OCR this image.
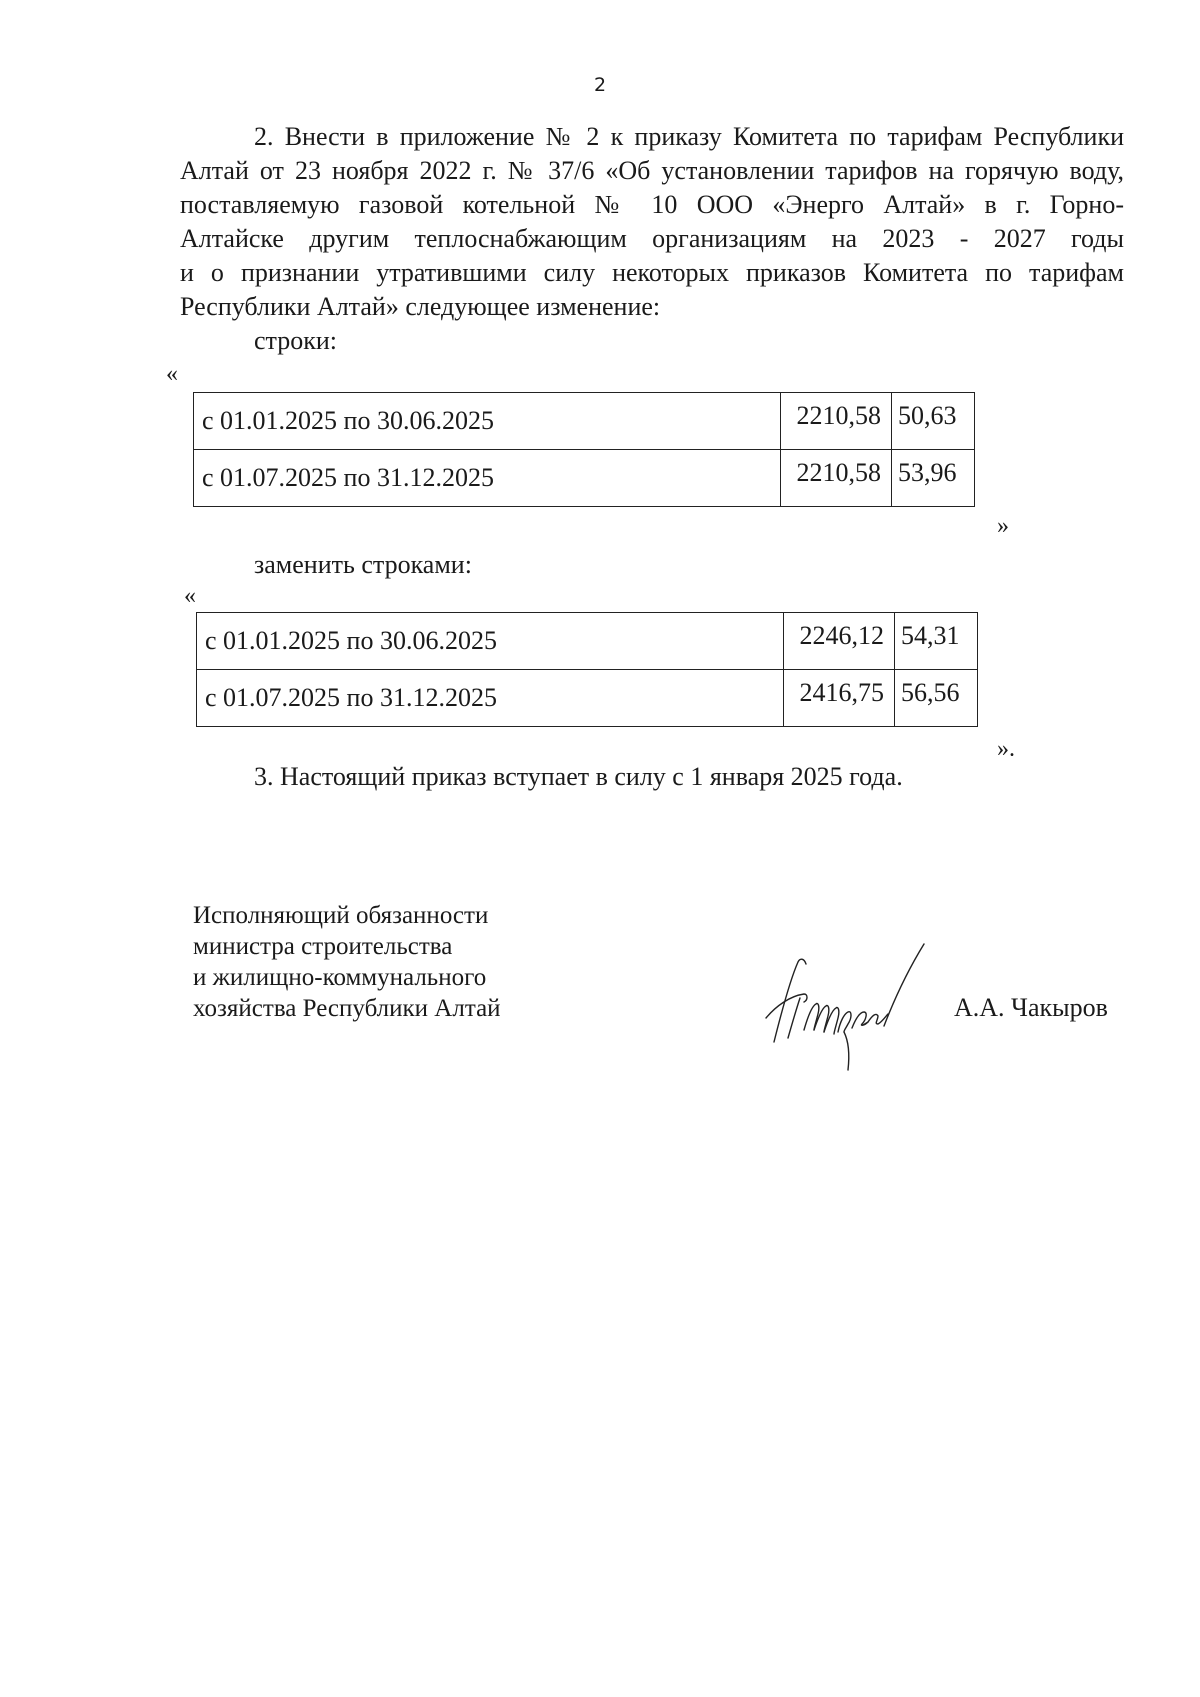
2
2. Внести в приложение № 2 к приказу Комитета по тарифам Республики
Алтай от 23 ноября 2022 г. № 37/6 «Об установлении тарифов на горячую воду,
поставляемую газовой котельной № 10 ООО «Энерго Алтай» в г. Горно-
Алтайске другим теплоснабжающим организациям на 2023 - 2027 годы
и о признании утратившими силу некоторых приказов Комитета по тарифам
Республики Алтай» следующее изменение:
строки:
«
с 01.01.2025 по 30.06.2025	2210,58	50,63
с 01.07.2025 по 31.12.2025	2210,58	53,96
»
заменить строками:
«
с 01.01.2025 по 30.06.2025	2246,12	54,31
с 01.07.2025 по 31.12.2025	2416,75	56,56
».
3. Настоящий приказ вступает в силу с 1 января 2025 года.
Исполняющий обязанности
министра строительства
и жилищно-коммунального
хозяйства Республики Алтай	А.А. Чакыров
